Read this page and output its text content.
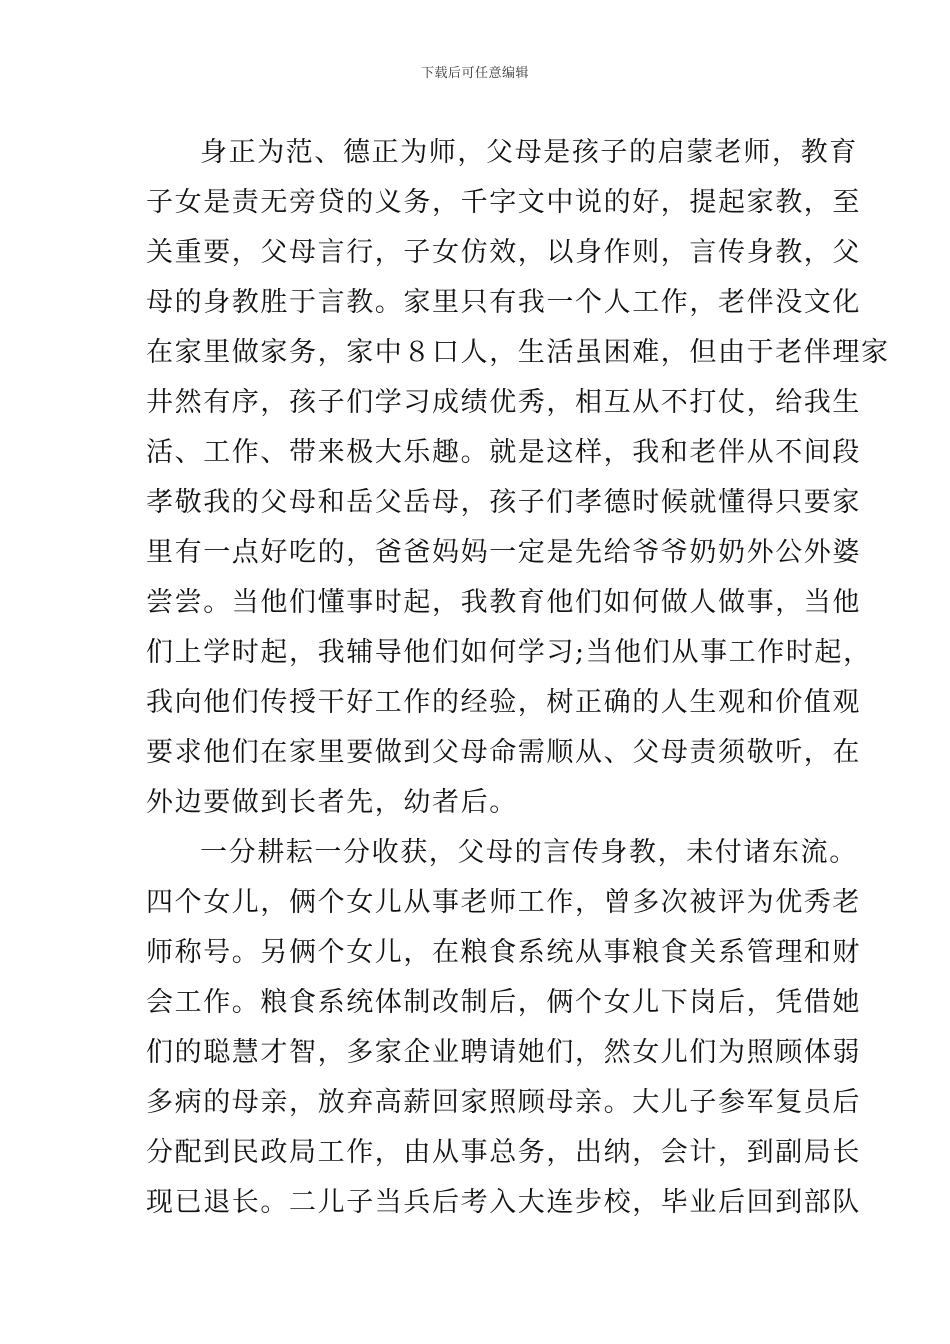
下载后可任意编辑
身正为范、德正为师，父母是孩子的启蒙老师，教育
子女是责无旁贷的义务，千字文中说的好，提起家教，至
关重要，父母言行，子女仿效，以身作则，言传身教，父
母的身教胜于言教。家里只有我一个人工作，老伴没文化
在家里做家务，家中８口人，生活虽困难，但由于老伴理家
井然有序，孩子们学习成绩优秀，相互从不打仗，给我生
活、工作、带来极大乐趣。就是这样，我和老伴从不间段
孝敬我的父母和岳父岳母，孩子们孝德时候就懂得只要家
里有一点好吃的，爸爸妈妈一定是先给爷爷奶奶外公外婆
尝尝。当他们懂事时起，我教育他们如何做人做事，当他
们上学时起，我辅导他们如何学习;当他们从事工作时起，
我向他们传授干好工作的经验，树正确的人生观和价值观
要求他们在家里要做到父母命需顺从、父母责须敬听，在
外边要做到长者先，幼者后。
一分耕耘一分收获，父母的言传身教，未付诸东流。
四个女儿，俩个女儿从事老师工作，曾多次被评为优秀老
师称号。另俩个女儿，在粮食系统从事粮食关系管理和财
会工作。粮食系统体制改制后，俩个女儿下岗后，凭借她
们的聪慧才智，多家企业聘请她们，然女儿们为照顾体弱
多病的母亲，放弃高薪回家照顾母亲。大儿子参军复员后
分配到民政局工作，由从事总务，出纳，会计，到副局长
现已退长。二儿子当兵后考入大连步校，毕业后回到部队
